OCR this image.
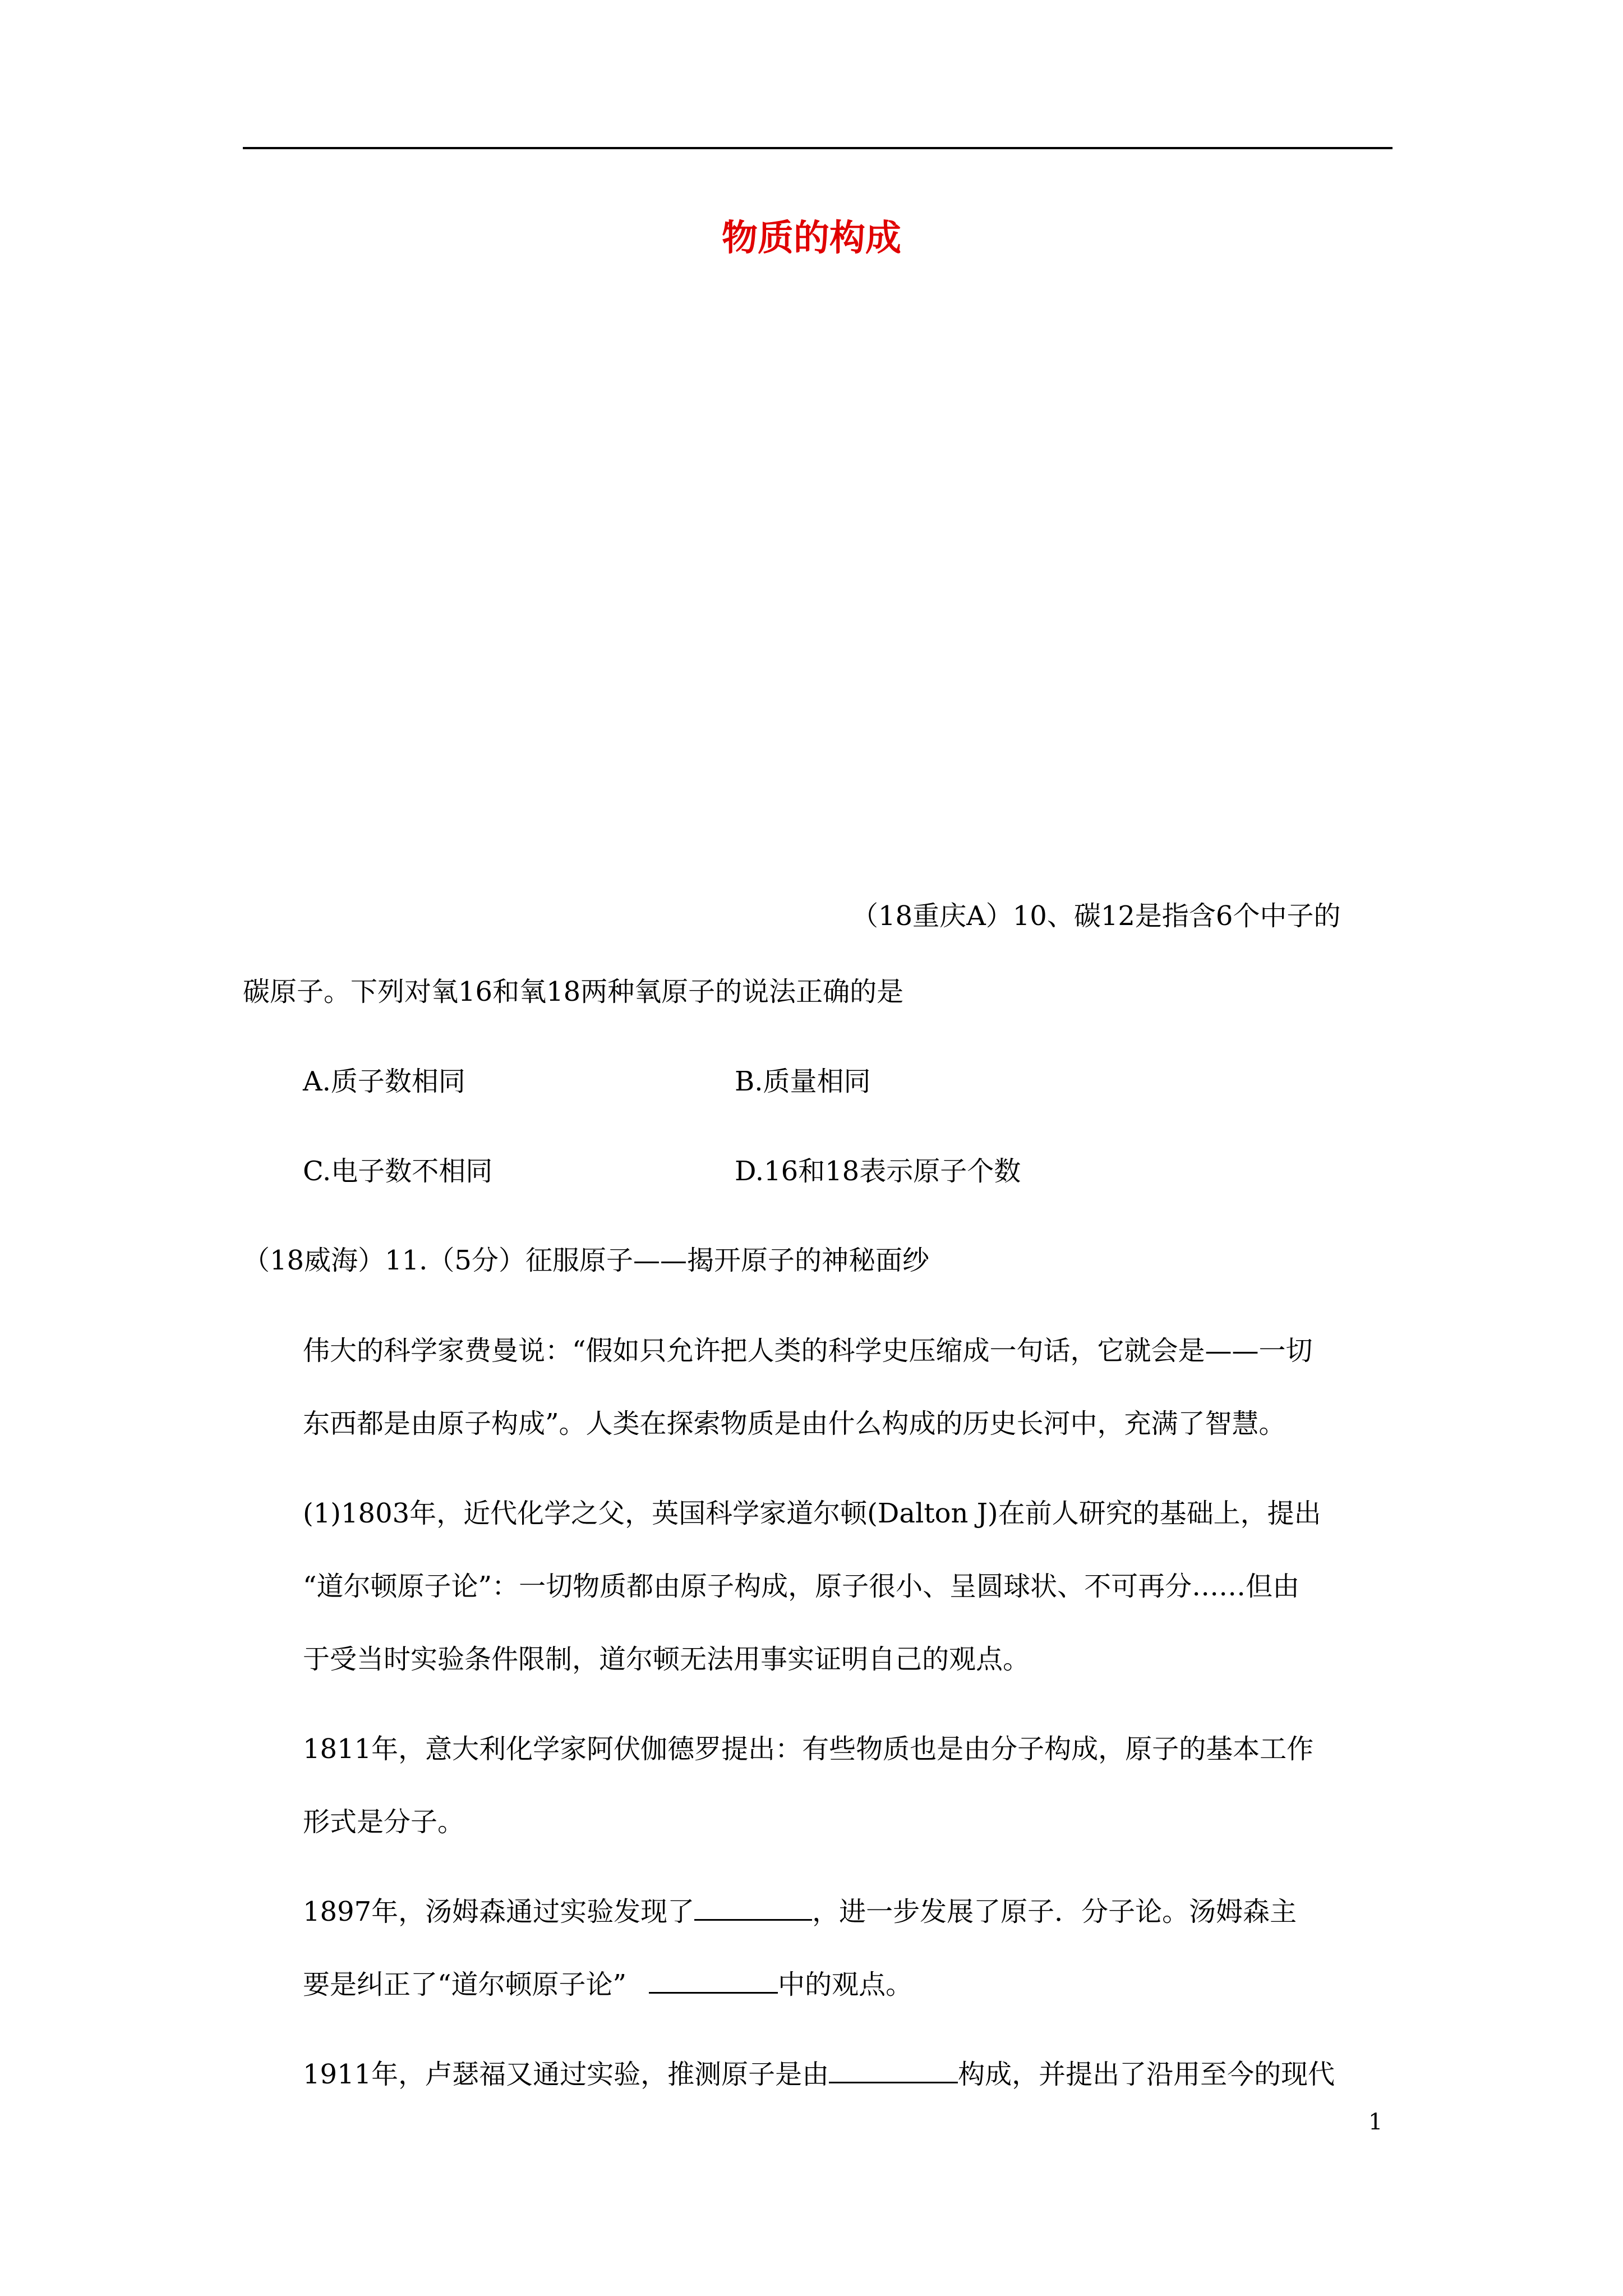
物质的构成
（18重庆A）10、碳12是指含6个中子的
碳原子。下列对氧16和氧18两种氧原子的说法正确的是
A.质子数相同	B.质量相同
C.电子数不相同	D.16和18表示原子个数
（18威海）11.（5分）征服原子——揭开原子的神秘面纱
伟大的科学家费曼说：“假如只允许把人类的科学史压缩成一句话，它就会是——一切
东西都是由原子构成”。人类在探索物质是由什么构成的历史长河中，充满了智慧。
(1)1803年，近代化学之父，英国科学家道尔顿(Dalton J)在前人研究的基础上，提出
“道尔顿原子论”：一切物质都由原子构成，原子很小、呈圆球状、不可再分……但由
于受当时实验条件限制，道尔顿无法用事实证明自己的观点。
1811年，意大利化学家阿伏伽德罗提出：有些物质也是由分子构成，原子的基本工作
形式是分子。
1897年，汤姆森通过实验发现了	，进一步发展了原子．分子论。汤姆森主
要是纠正了“道尔顿原子论”	中的观点。
1911年，卢瑟福又通过实验，推测原子是由	构成，并提出了沿用至今的现代
1
